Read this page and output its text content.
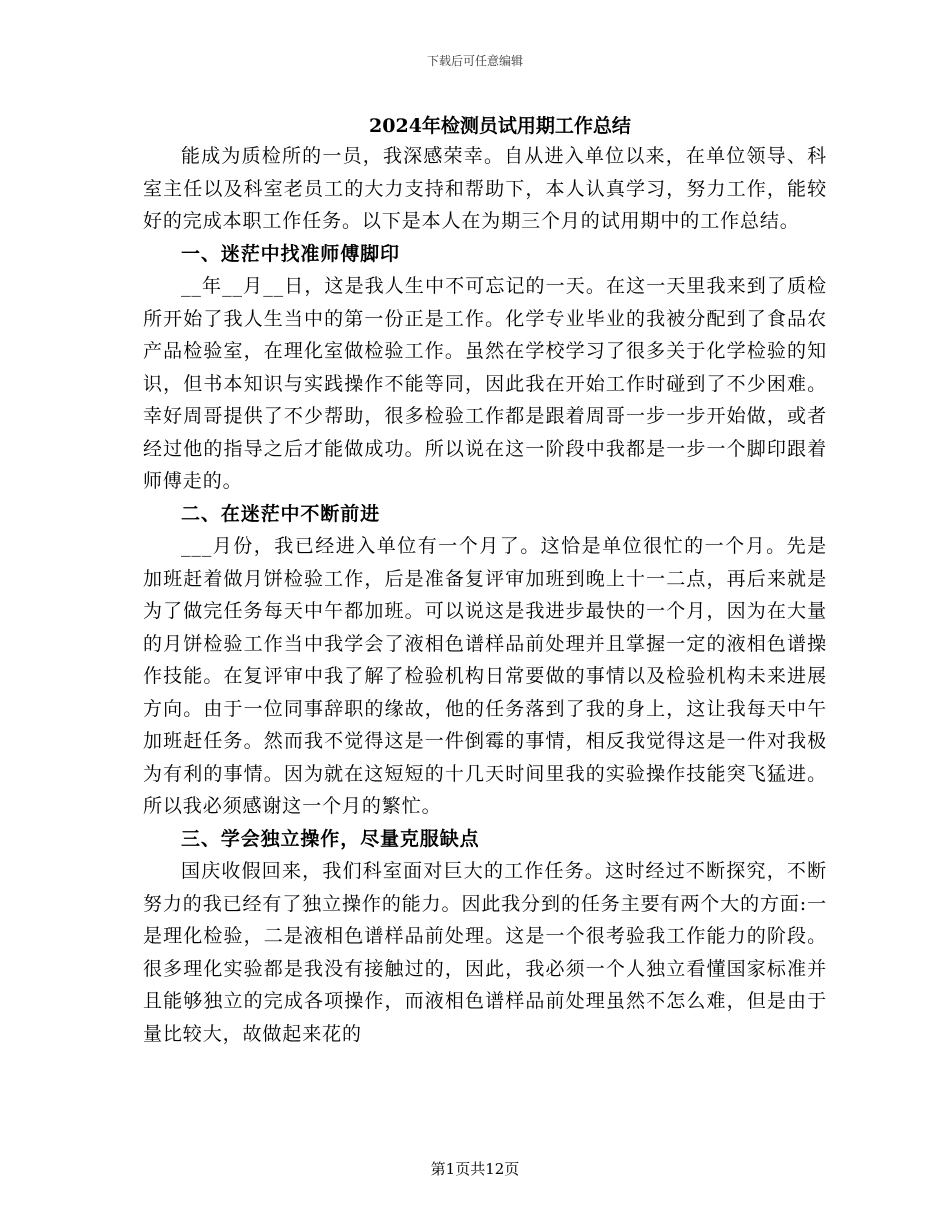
下载后可任意编辑
2024年检测员试用期工作总结

能成为质检所的一员，我深感荣幸。自从进入单位以来，在单位领导、科室主任以及科室老员工的大力支持和帮助下，本人认真学习，努力工作，能较好的完成本职工作任务。以下是本人在为期三个月的试用期中的工作总结。

一、迷茫中找准师傅脚印

__年__月__日，这是我人生中不可忘记的一天。在这一天里我来到了质检所开始了我人生当中的第一份正是工作。化学专业毕业的我被分配到了食品农产品检验室，在理化室做检验工作。虽然在学校学习了很多关于化学检验的知识，但书本知识与实践操作不能等同，因此我在开始工作时碰到了不少困难。幸好周哥提供了不少帮助，很多检验工作都是跟着周哥一步一步开始做，或者经过他的指导之后才能做成功。所以说在这一阶段中我都是一步一个脚印跟着师傅走的。

二、在迷茫中不断前进

___月份，我已经进入单位有一个月了。这恰是单位很忙的一个月。先是加班赶着做月饼检验工作，后是准备复评审加班到晚上十一二点，再后来就是为了做完任务每天中午都加班。可以说这是我进步最快的一个月，因为在大量的月饼检验工作当中我学会了液相色谱样品前处理并且掌握一定的液相色谱操作技能。在复评审中我了解了检验机构日常要做的事情以及检验机构未来进展方向。由于一位同事辞职的缘故，他的任务落到了我的身上，这让我每天中午加班赶任务。然而我不觉得这是一件倒霉的事情，相反我觉得这是一件对我极为有利的事情。因为就在这短短的十几天时间里我的实验操作技能突飞猛进。所以我必须感谢这一个月的繁忙。

三、学会独立操作，尽量克服缺点

国庆收假回来，我们科室面对巨大的工作任务。这时经过不断探究，不断努力的我已经有了独立操作的能力。因此我分到的任务主要有两个大的方面:一是理化检验，二是液相色谱样品前处理。这是一个很考验我工作能力的阶段。很多理化实验都是我没有接触过的，因此，我必须一个人独立看懂国家标准并且能够独立的完成各项操作，而液相色谱样品前处理虽然不怎么难，但是由于量比较大，故做起来花的

第1页共12页
